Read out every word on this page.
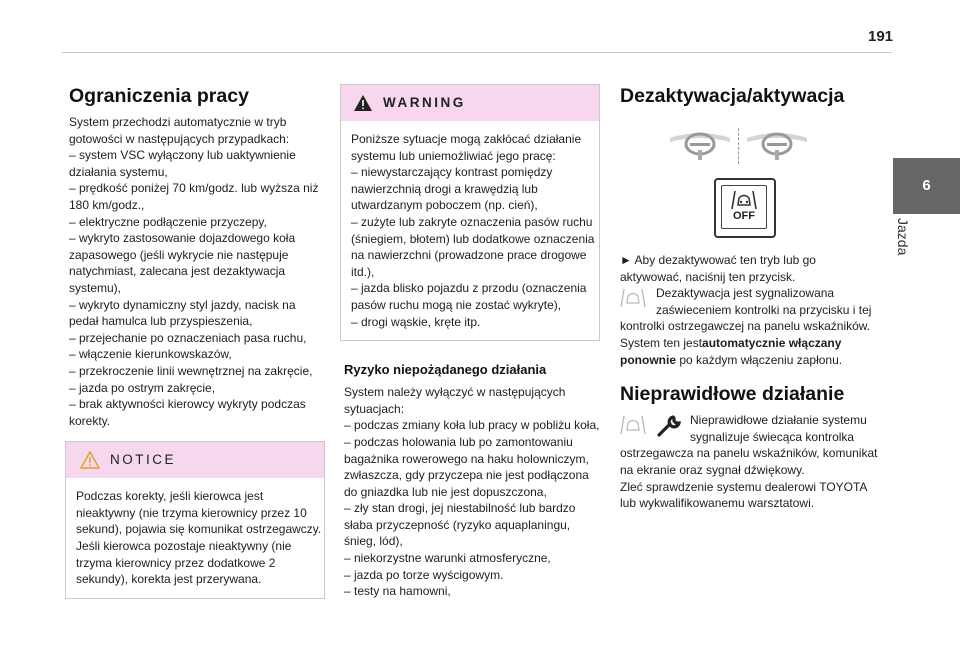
191
6
Jazda
Ograniczenia pracy

System przechodzi automatycznie w tryb
gotowości w następujących przypadkach:
– system VSC wyłączony lub uaktywnienie
działania systemu,
– prędkość poniżej 70 km/godz. lub wyższa niż
180 km/godz.,
– elektryczne podłączenie przyczepy,
– wykryto zastosowanie dojazdowego koła
zapasowego (jeśli wykrycie nie następuje
natychmiast, zalecana jest dezaktywacja
systemu),
– wykryto dynamiczny styl jazdy, nacisk na
pedał hamulca lub przyspieszenia,
– przejechanie po oznaczeniach pasa ruchu,
– włączenie kierunkowskazów,
– przekroczenie linii wewnętrznej na zakręcie,
– jazda po ostrym zakręcie,
– brak aktywności kierowcy wykryty podczas
korekty.

NOTICE
Podczas korekty, jeśli kierowca jest
nieaktywny (nie trzyma kierownicy przez 10
sekund), pojawia się komunikat ostrzegawczy.
Jeśli kierowca pozostaje nieaktywny (nie
trzyma kierownicy przez dodatkowe 2
sekundy), korekta jest przerywana.
WARNING
Poniższe sytuacje mogą zakłócać działanie
systemu lub uniemożliwiać jego pracę:
– niewystarczający kontrast pomiędzy
nawierzchnią drogi a krawędzią lub
utwardzanym poboczem (np. cień),
– zużyte lub zakryte oznaczenia pasów ruchu
(śniegiem, błotem) lub dodatkowe oznaczenia
na nawierzchni (prowadzone prace drogowe
itd.),
– jazda blisko pojazdu z przodu (oznaczenia
pasów ruchu mogą nie zostać wykryte),
– drogi wąskie, kręte itp.
Ryzyko niepożądanego działania

System należy wyłączyć w następujących
sytuacjach:
– podczas zmiany koła lub pracy w pobliżu koła,
– podczas holowania lub po zamontowaniu
bagażnika rowerowego na haku holowniczym,
zwłaszcza, gdy przyczepa nie jest podłączona
do gniazdka lub nie jest dopuszczona,
– zły stan drogi, jej niestabilność lub bardzo
słaba przyczepność (ryzyko aquaplaningu,
śnieg, lód),
– niekorzystne warunki atmosferyczne,
– jazda po torze wyścigowym.
– testy na hamowni,

Dezaktywacja/aktywacja
OFF

► Aby dezaktywować ten tryb lub go
aktywować, naciśnij ten przycisk.

Dezaktywacja jest sygnalizowana
zaświeceniem kontrolki na przycisku i tej
kontrolki ostrzegawczej na panelu wskaźników.
System ten jestautomatycznie włączany
ponownie po każdym włączeniu zapłonu.
Nieprawidłowe działanie
Nieprawidłowe działanie systemu
sygnalizuje świecąca kontrolka
ostrzegawcza na panelu wskaźników, komunikat
na ekranie oraz sygnał dźwiękowy.
Zleć sprawdzenie systemu dealerowi TOYOTA
lub wykwalifikowanemu warsztatowi.
